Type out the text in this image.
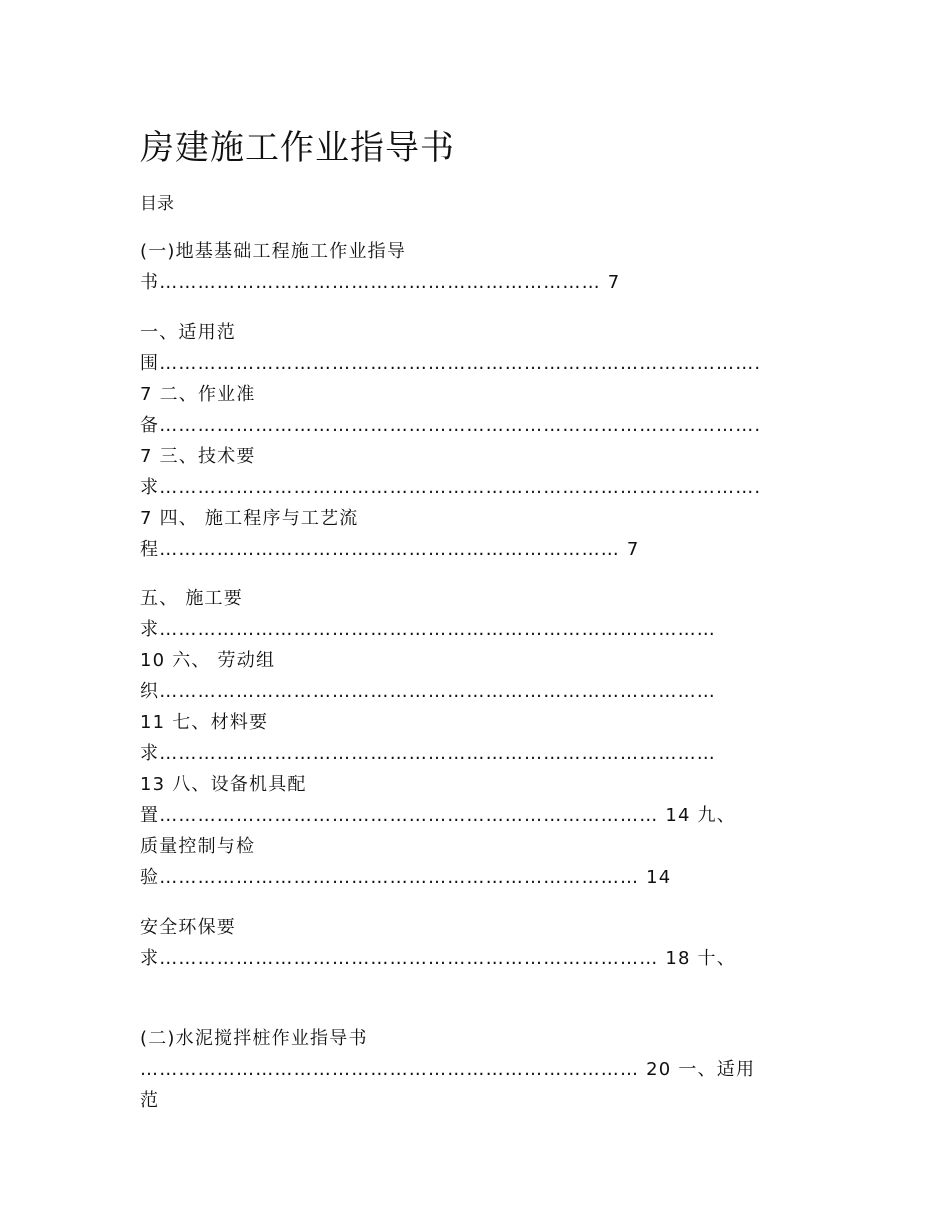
房建施工作业指导书
目录
(一)地基基础工程施工作业指导
书…………………………………………………………… 7
一、适用范
围………………………………………………………………………………….
7 二、作业准
备………………………………………………………………………………….
7 三、技术要
求………………………………………………………………………………….
7 四、 施工程序与工艺流
程……………………………………………………………… 7
五、 施工要
求……………………………………………………………………………
10 六、 劳动组
织……………………………………………………………………………
11 七、材料要
求……………………………………………………………………………
13 八、设备机具配
置…………………………………………………………………… 14 九、
质量控制与检
验………………………………………………………………… 14
安全环保要
求…………………………………………………………………… 18 十、
(二)水泥搅拌桩作业指导书
…………………………………………………………………… 20 一、适用
范
